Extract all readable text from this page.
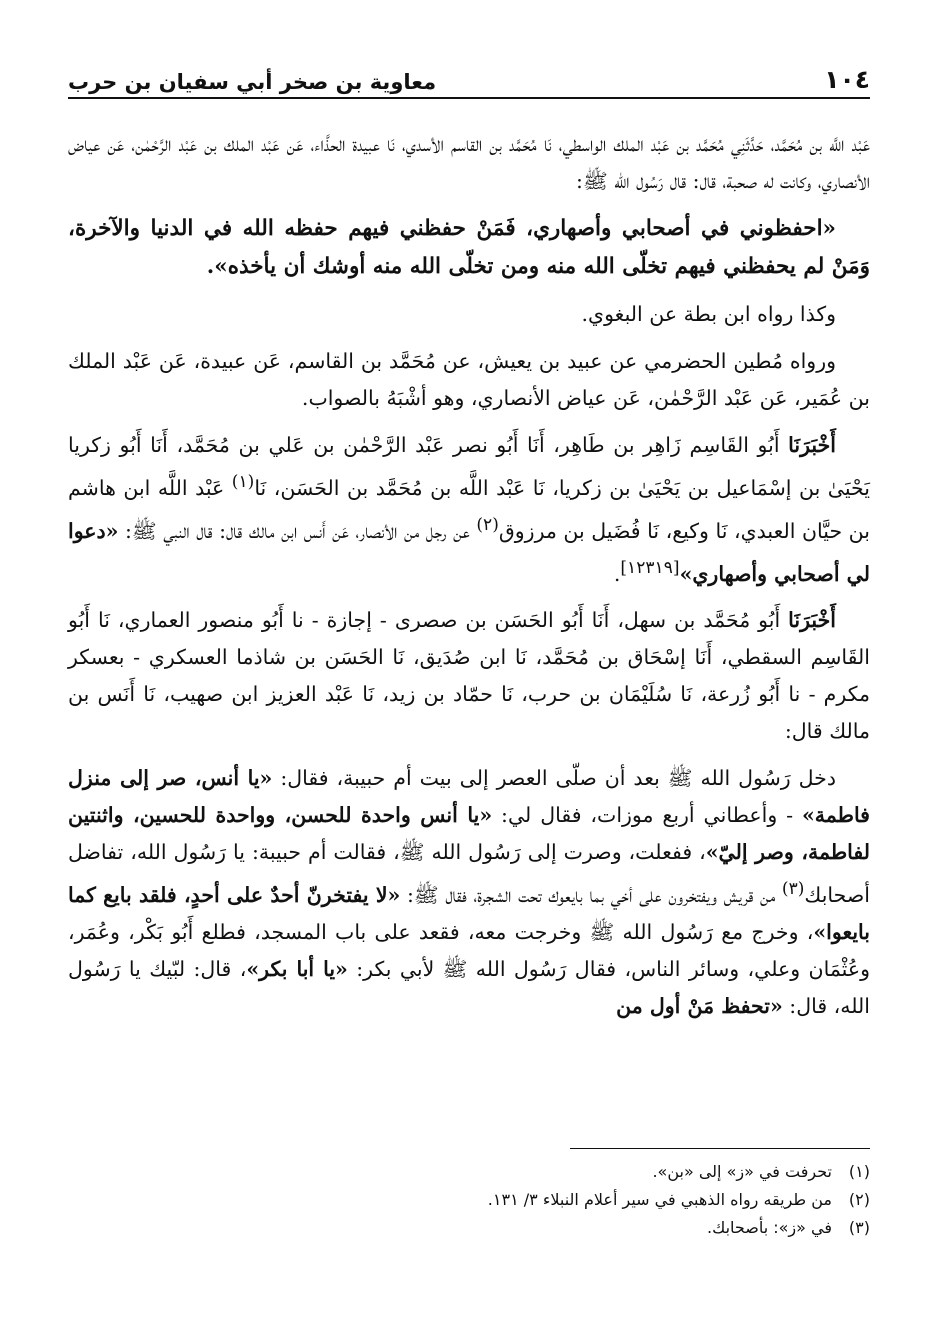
١٠٤
معاوية بن صخر أبي سفيان بن حرب

عَبْد اللَّه بن مُحَمَّد، حَدَّثَنِي مُحَمَّد بن عَبْد الملك الواسطي، نَا مُحَمَّد بن القاسم الأسدي، نَا عبيدة الحذَّاء، عَن عَبْد الملك بن عَبْد الرَّحْمٰن، عَن عياض الأنصاري، وكانت له صحبة، قال: قال رَسُول الله ﷺ:

«احفظوني في أصحابي وأصهاري، فَمَنْ حفظني فيهم حفظه الله في الدنيا والآخرة، وَمَنْ لم يحفظني فيهم تخلّى الله منه ومن تخلّى الله منه أوشك أن يأخذه».

وكذا رواه ابن بطة عن البغوي.

ورواه مُطين الحضرمي عن عبيد بن يعيش، عن مُحَمَّد بن القاسم، عَن عبيدة، عَن عَبْد الملك بن عُمَير، عَن عَبْد الرَّحْمٰن، عَن عياض الأنصاري، وهو أشْبَهُ بالصواب.

أَخْبَرَنَا أَبُو القَاسِم زَاهِر بن طَاهِر، أَنَا أَبُو نصر عَبْد الرَّحْمٰن بن عَلي بن مُحَمَّد، أَنَا أَبُو زكريا يَحْيَىٰ بن إسْمَاعيل بن يَحْيَىٰ بن زكريا، نَا عَبْد اللَّه بن مُحَمَّد بن الحَسَن، نَا$^{(١)}$ عَبْد اللَّه ابن هاشم بن حيَّان العبدي، نَا وكيع، نَا فُضَيل بن مرزوق$^{(٢)}$ عن رجل من الأنصار، عَن أَنس ابن مالك قال: قال النبي ﷺ: «دعوا لي أصحابي وأصهاري»[١٢٣١٩].

أَخْبَرَنَا أَبُو مُحَمَّد بن سهل، أَنَا أَبُو الحَسَن بن صصرى - إجازة - نا أَبُو منصور العماري، نَا أَبُو القَاسِم السقطي، أَنَا إسْحَاق بن مُحَمَّد، نَا ابن صُدَيق، نَا الحَسَن بن شاذما العسكري - بعسكر مكرم - نا أَبُو زُرعة، نَا سُلَيْمَان بن حرب، نَا حمّاد بن زيد، نَا عَبْد العزيز ابن صهيب، نَا أَنَس بن مالك قال:

دخل رَسُول الله ﷺ بعد أن صلّى العصر إلى بيت أم حبيبة، فقال: «يا أنس، صر إلى منزل فاطمة» - وأعطاني أربع موزات، فقال لي: «يا أنس واحدة للحسن، وواحدة للحسين، واثنتين لفاطمة، وصر إليّ»، ففعلت، وصرت إلى رَسُول الله ﷺ، فقالت أم حبيبة: يا رَسُول الله، تفاضل أصحابك$^{(٣)}$ من قريش ويفتخرون على أخي بما بايعوك تحت الشجرة، فقال ﷺ: «لا يفتخرنّ أحدٌ على أحدٍ، فلقد بايع كما بايعوا»، وخرج مع رَسُول الله ﷺ وخرجت معه، فقعد على باب المسجد، فطلع أَبُو بَكْر، وعُمَر، وعُثْمَان وعلي، وسائر الناس، فقال رَسُول الله ﷺ لأبي بكر: «يا أبا بكر»، قال: لبّيك يا رَسُول الله، قال: «تحفظ مَنْ أول من

(١)تحرفت في «ز» إلى «بن».
(٢)من طريقه رواه الذهبي في سير أعلام النبلاء ٣/ ١٣١.
(٣)في «ز»: بأصحابك.
